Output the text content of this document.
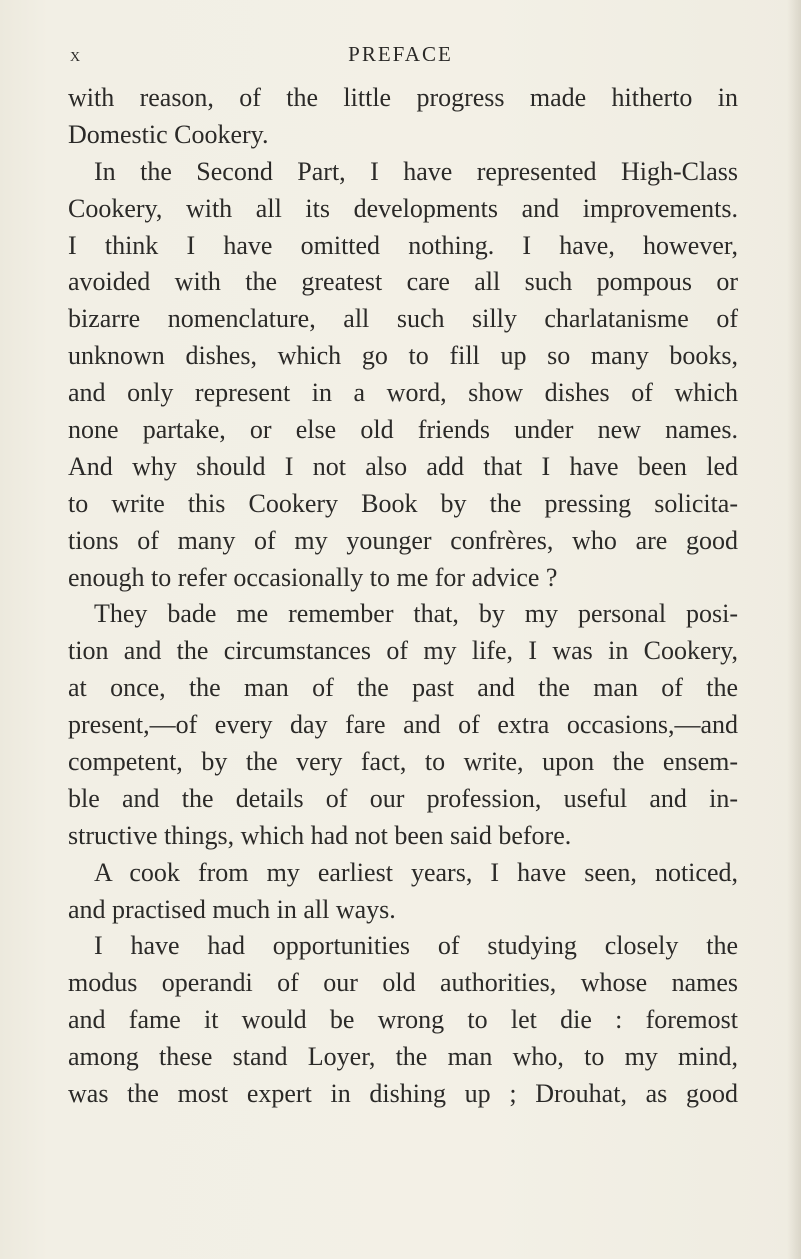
x	PREFACE
with reason, of the little progress made hitherto in
Domestic Cookery.
In the Second Part, I have represented High-Class
Cookery, with all its developments and improvements.
I think I have omitted nothing. I have, however,
avoided with the greatest care all such pompous or
bizarre nomenclature, all such silly charlatanisme of
unknown dishes, which go to fill up so many books,
and only represent in a word, show dishes of which
none partake, or else old friends under new names.
And why should I not also add that I have been led
to write this Cookery Book by the pressing solicita-
tions of many of my younger confrères, who are good
enough to refer occasionally to me for advice ?
They bade me remember that, by my personal posi-
tion and the circumstances of my life, I was in Cookery,
at once, the man of the past and the man of the
present,—of every day fare and of extra occasions,—and
competent, by the very fact, to write, upon the ensem-
ble and the details of our profession, useful and in-
structive things, which had not been said before.
A cook from my earliest years, I have seen, noticed,
and practised much in all ways.
I have had opportunities of studying closely the
modus operandi of our old authorities, whose names
and fame it would be wrong to let die : foremost
among these stand Loyer, the man who, to my mind,
was the most expert in dishing up ; Drouhat, as good
